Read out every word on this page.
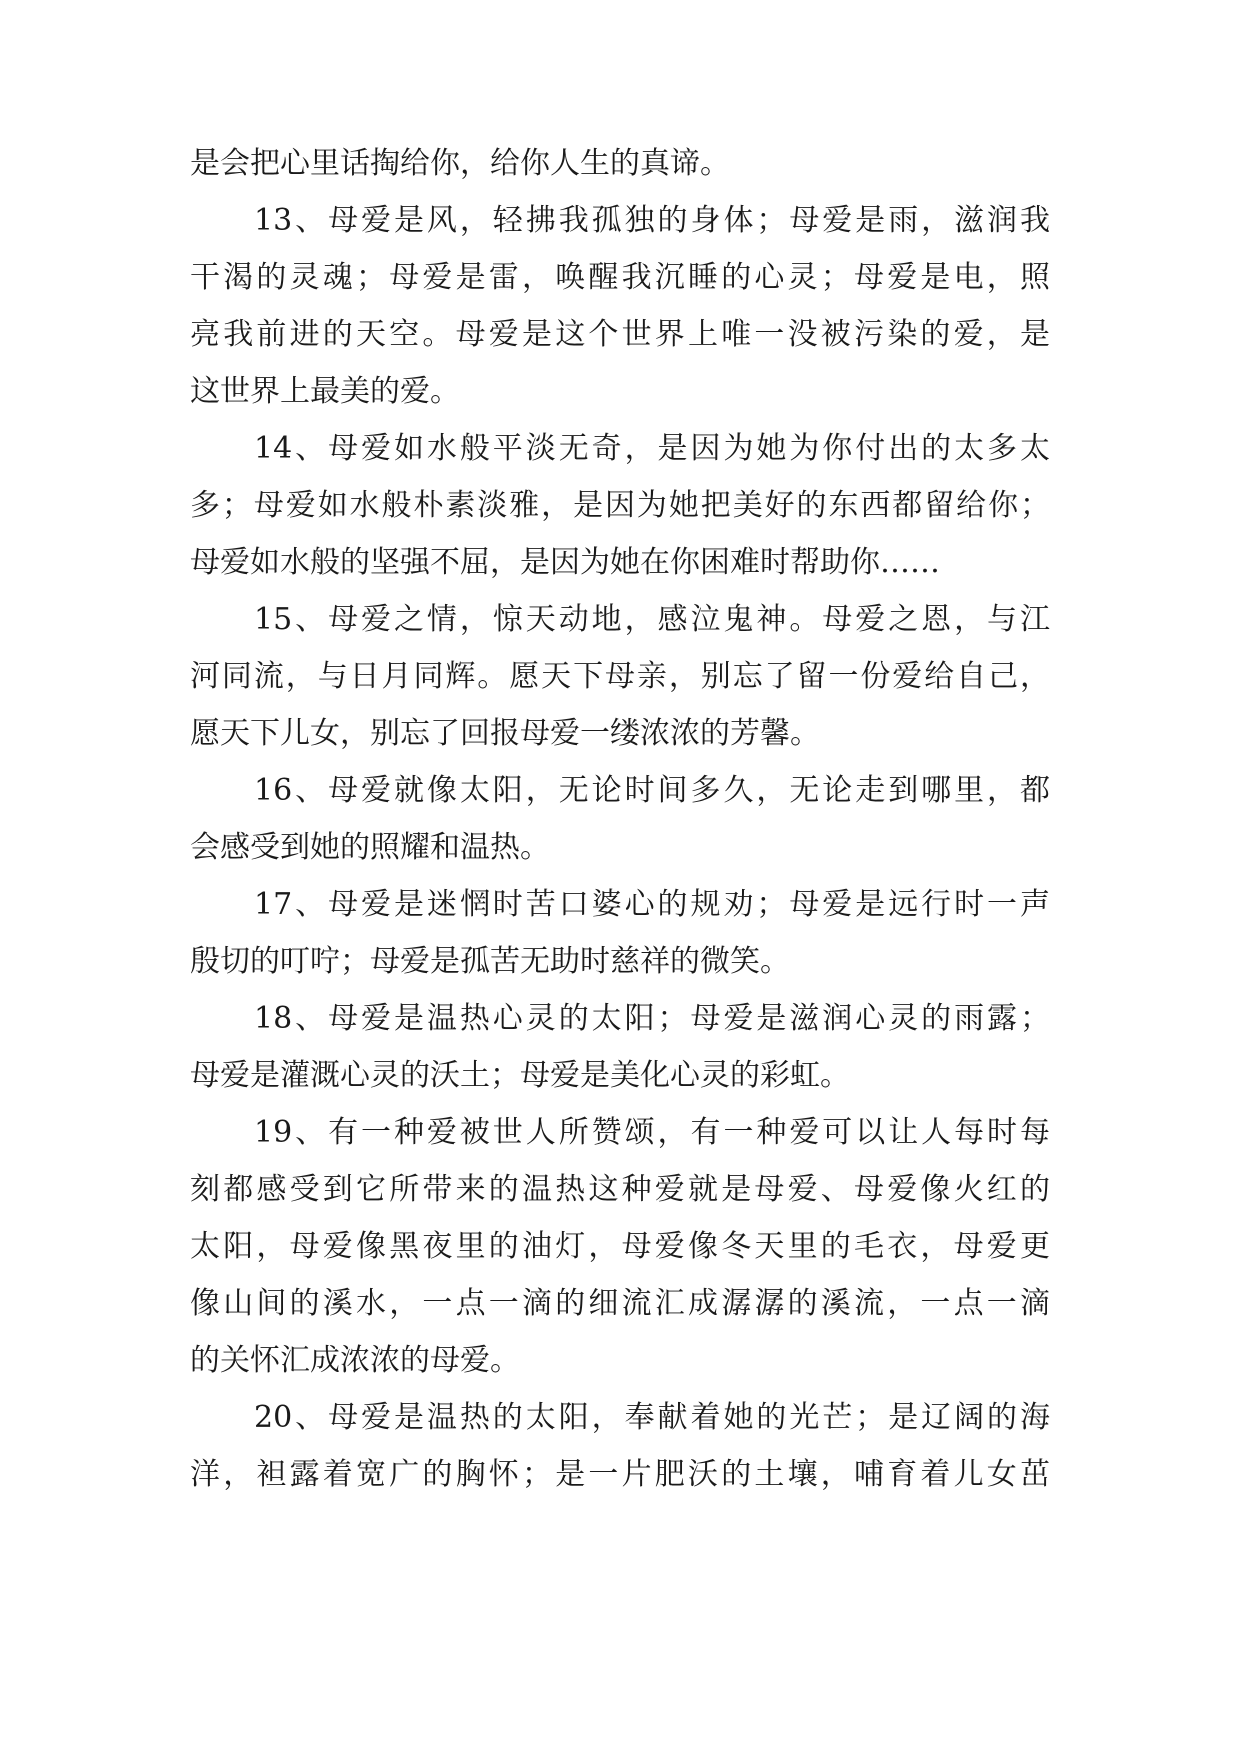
是会把心里话掏给你，给你人生的真谛。
13、母爱是风，轻拂我孤独的身体；母爱是雨，滋润我
干渴的灵魂；母爱是雷，唤醒我沉睡的心灵；母爱是电，照
亮我前进的天空。母爱是这个世界上唯一没被污染的爱，是
这世界上最美的爱。
14、母爱如水般平淡无奇，是因为她为你付出的太多太
多；母爱如水般朴素淡雅，是因为她把美好的东西都留给你；
母爱如水般的坚强不屈，是因为她在你困难时帮助你……
15、母爱之情，惊天动地，感泣鬼神。母爱之恩，与江
河同流，与日月同辉。愿天下母亲，别忘了留一份爱给自己，
愿天下儿女，别忘了回报母爱一缕浓浓的芳馨。
16、母爱就像太阳，无论时间多久，无论走到哪里，都
会感受到她的照耀和温热。
17、母爱是迷惘时苦口婆心的规劝；母爱是远行时一声
殷切的叮咛；母爱是孤苦无助时慈祥的微笑。
18、母爱是温热心灵的太阳；母爱是滋润心灵的雨露；
母爱是灌溉心灵的沃土；母爱是美化心灵的彩虹。
19、有一种爱被世人所赞颂，有一种爱可以让人每时每
刻都感受到它所带来的温热这种爱就是母爱、母爱像火红的
太阳，母爱像黑夜里的油灯，母爱像冬天里的毛衣，母爱更
像山间的溪水，一点一滴的细流汇成潺潺的溪流，一点一滴
的关怀汇成浓浓的母爱。
20、母爱是温热的太阳，奉献着她的光芒；是辽阔的海
洋，袒露着宽广的胸怀；是一片肥沃的土壤，哺育着儿女茁
